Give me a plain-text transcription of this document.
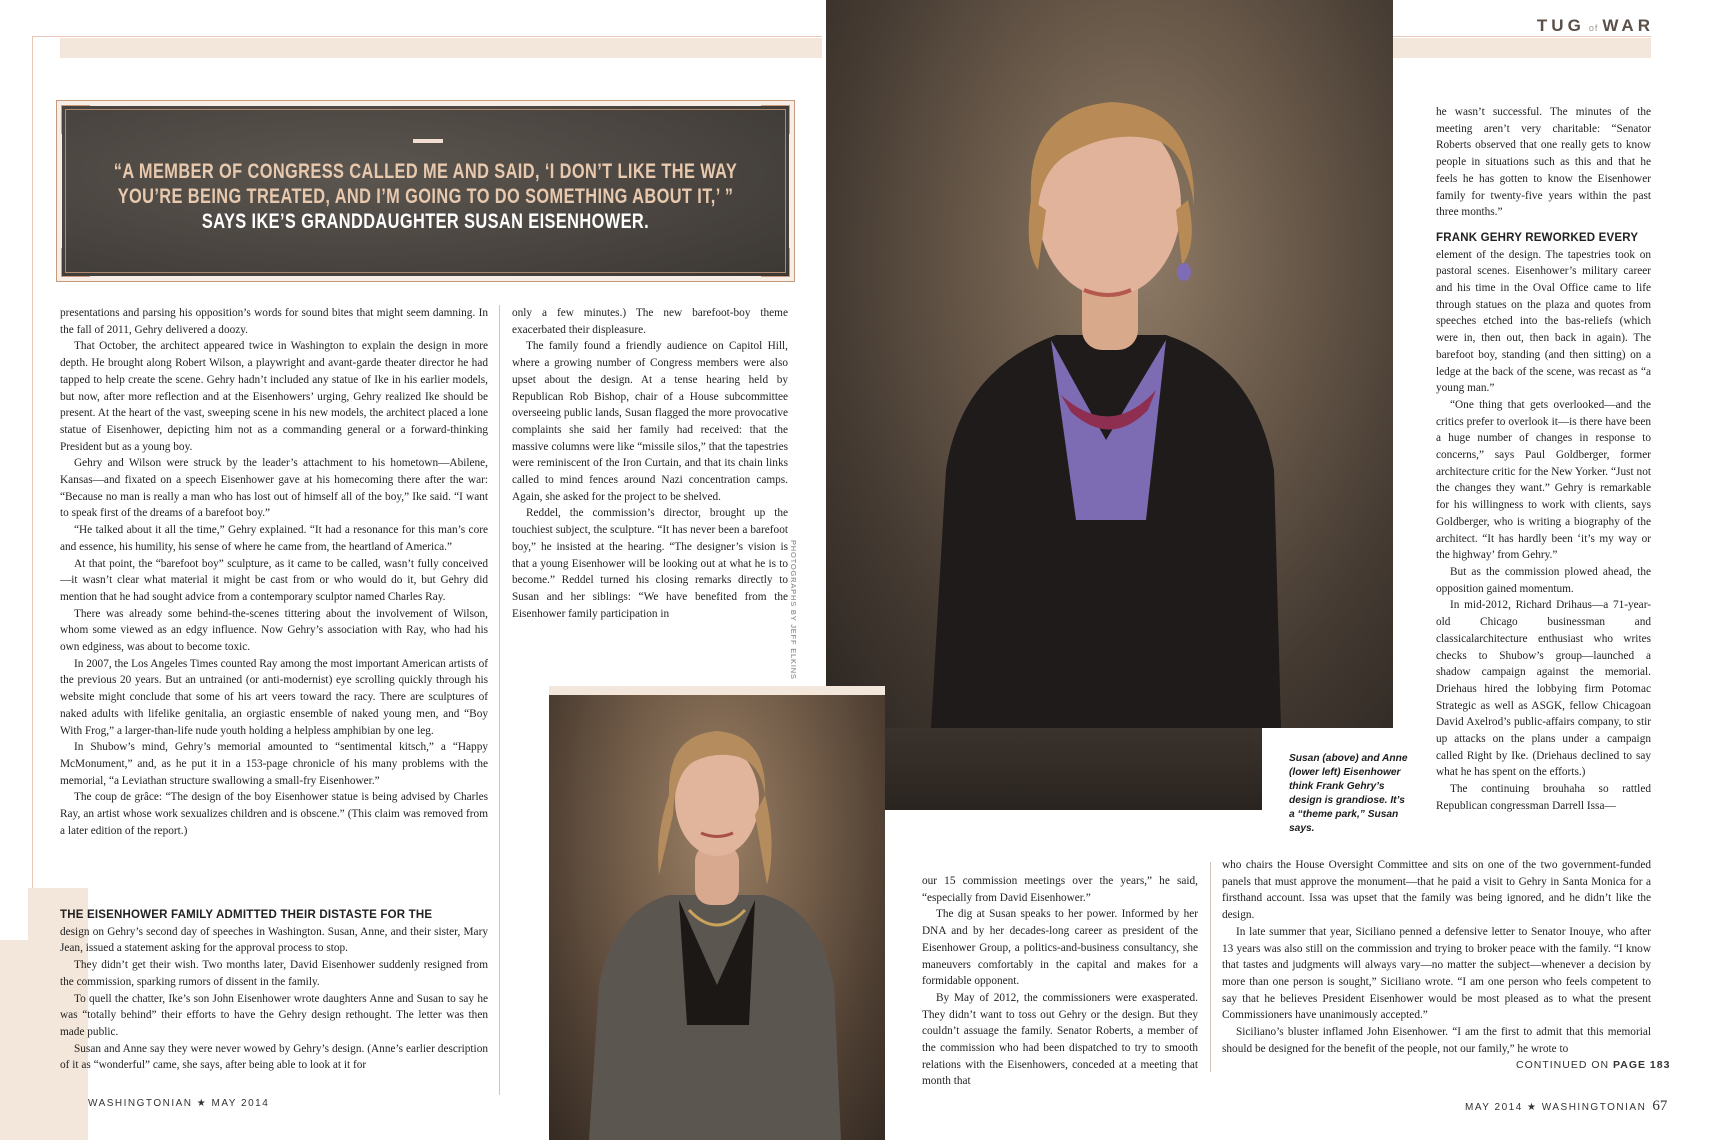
TUG of WAR
“A MEMBER OF CONGRESS CALLED ME AND SAID, ‘I DON’T LIKE THE WAY YOU’RE BEING TREATED, AND I’M GOING TO DO SOMETHING ABOUT IT,’ ” SAYS IKE’S GRANDDAUGHTER SUSAN EISENHOWER.

presentations and parsing his opposition’s words for sound bites that might seem damning. In the fall of 2011, Gehry delivered a doozy.

That October, the architect appeared twice in Washington to explain the design in more depth. He brought along Robert Wilson, a playwright and avant-garde theater director he had tapped to help create the scene. Gehry hadn’t included any statue of Ike in his earlier models, but now, after more reflection and at the Eisenhowers’ urging, Gehry realized Ike should be present. At the heart of the vast, sweeping scene in his new models, the architect placed a lone statue of Eisenhower, depicting him not as a commanding general or a forward-thinking President but as a young boy.

Gehry and Wilson were struck by the leader’s attachment to his hometown—Abilene, Kansas—and fixated on a speech Eisenhower gave at his homecoming there after the war: “Because no man is really a man who has lost out of himself all of the boy,” Ike said. “I want to speak first of the dreams of a barefoot boy.”

“He talked about it all the time,” Gehry explained. “It had a resonance for this man’s core and essence, his humility, his sense of where he came from, the heartland of America.”

At that point, the “barefoot boy” sculpture, as it came to be called, wasn’t fully conceived—it wasn’t clear what material it might be cast from or who would do it, but Gehry did mention that he had sought advice from a contemporary sculptor named Charles Ray.

There was already some behind-the-scenes tittering about the involvement of Wilson, whom some viewed as an edgy influence. Now Gehry’s association with Ray, who had his own edginess, was about to become toxic.

In 2007, the Los Angeles Times counted Ray among the most important American artists of the previous 20 years. But an untrained (or anti-modernist) eye scrolling quickly through his website might conclude that some of his art veers toward the racy. There are sculptures of naked adults with lifelike genitalia, an orgiastic ensemble of naked young men, and “Boy With Frog,” a larger-than-life nude youth holding a helpless amphibian by one leg.

In Shubow’s mind, Gehry’s memorial amounted to “sentimental kitsch,” a “Happy McMonument,” and, as he put it in a 153-page chronicle of his many problems with the memorial, “a Leviathan structure swallowing a small-fry Eisenhower.”

The coup de grâce: “The design of the boy Eisenhower statue is being advised by Charles Ray, an artist whose work sexualizes children and is obscene.” (This claim was removed from a later edition of the report.)

THE EISENHOWER FAMILY ADMITTED THEIR DISTASTE FOR THE

design on Gehry’s second day of speeches in Washington. Susan, Anne, and their sister, Mary Jean, issued a statement asking for the approval process to stop.

They didn’t get their wish. Two months later, David Eisenhower suddenly resigned from the commission, sparking rumors of dissent in the family.

To quell the chatter, Ike’s son John Eisenhower wrote daughters Anne and Susan to say he was “totally behind” their efforts to have the Gehry design rethought. The letter was then made public.

Susan and Anne say they were never wowed by Gehry’s design. (Anne’s earlier description of it as “wonderful” came, she says, after being able to look at it for

only a few minutes.) The new barefoot-boy theme exacerbated their displeasure.

The family found a friendly audience on Capitol Hill, where a growing number of Congress members were also upset about the design. At a tense hearing held by Republican Rob Bishop, chair of a House subcommittee overseeing public lands, Susan flagged the more provocative complaints she said her family had received: that the massive columns were like “missile silos,” that the tapestries were reminiscent of the Iron Curtain, and that its chain links called to mind fences around Nazi concentration camps. Again, she asked for the project to be shelved.

Reddel, the commission’s director, brought up the touchiest subject, the sculpture. “It has never been a barefoot boy,” he insisted at the hearing. “The designer’s vision is that a young Eisenhower will be looking out at what he is to become.” Reddel turned his closing remarks directly to Susan and her siblings: “We have benefited from the Eisenhower family participation in	PHOTOGRAPHS BY JEFF ELKINS
Susan (above) and Anne (lower left) Eisenhower think Frank Gehry’s design is grandiose. It’s a “theme park,” Susan says.

our 15 commission meetings over the years,” he said, “especially from David Eisenhower.”

The dig at Susan speaks to her power. Informed by her DNA and by her decades-long career as president of the Eisenhower Group, a politics-and-business consultancy, she maneuvers comfortably in the capital and makes for a formidable opponent.

By May of 2012, the commissioners were exasperated. They didn’t want to toss out Gehry or the design. But they couldn’t assuage the family. Senator Roberts, a member of the commission who had been dispatched to try to smooth relations with the Eisenhowers, conceded at a meeting that month that

he wasn’t successful. The minutes of the meeting aren’t very charitable: “Senator Roberts observed that one really gets to know people in situations such as this and that he feels he has gotten to know the Eisenhower family for twenty-five years within the past three months.”

FRANK GEHRY REWORKED EVERY

element of the design. The tapestries took on pastoral scenes. Eisenhower’s military career and his time in the Oval Office came to life through statues on the plaza and quotes from speeches etched into the bas-reliefs (which were in, then out, then back in again). The barefoot boy, standing (and then sitting) on a ledge at the back of the scene, was recast as “a young man.”

“One thing that gets overlooked—and the critics prefer to overlook it—is there have been a huge number of changes in response to concerns,” says Paul Goldberger, former architecture critic for the New Yorker. “Just not the changes they want.” Gehry is remarkable for his willingness to work with clients, says Goldberger, who is writing a biography of the architect. “It has hardly been ‘it’s my way or the highway’ from Gehry.”

But as the commission plowed ahead, the opposition gained momentum.

In mid-2012, Richard Drihaus—a 71-year-old Chicago businessman and classicalarchitecture enthusiast who writes checks to Shubow’s group—launched a shadow campaign against the memorial. Driehaus hired the lobbying firm Potomac Strategic as well as ASGK, fellow Chicagoan David Axelrod’s public-affairs company, to stir up attacks on the plans under a campaign called Right by Ike. (Driehaus declined to say what he has spent on the efforts.)

The continuing brouhaha so rattled Republican congressman Darrell Issa—

who chairs the House Oversight Committee and sits on one of the two government-funded panels that must approve the monument—that he paid a visit to Gehry in Santa Monica for a firsthand account. Issa was upset that the family was being ignored, and he didn’t like the design.

In late summer that year, Siciliano penned a defensive letter to Senator Inouye, who after 13 years was also still on the commission and trying to broker peace with the family. “I know that tastes and judgments will always vary—no matter the subject—whenever a decision by more than one person is sought,” Siciliano wrote. “I am one person who feels competent to say that he believes President Eisenhower would be most pleased as to what the present Commissioners have unanimously accepted.”

Siciliano’s bluster inflamed John Eisenhower. “I am the first to admit that this memorial should be designed for the benefit of the people, not our family,” he wrote to

CONTINUED ON PAGE 183
WASHINGTONIAN ★ MAY 2014	MAY 2014 ★ WASHINGTONIAN 67
